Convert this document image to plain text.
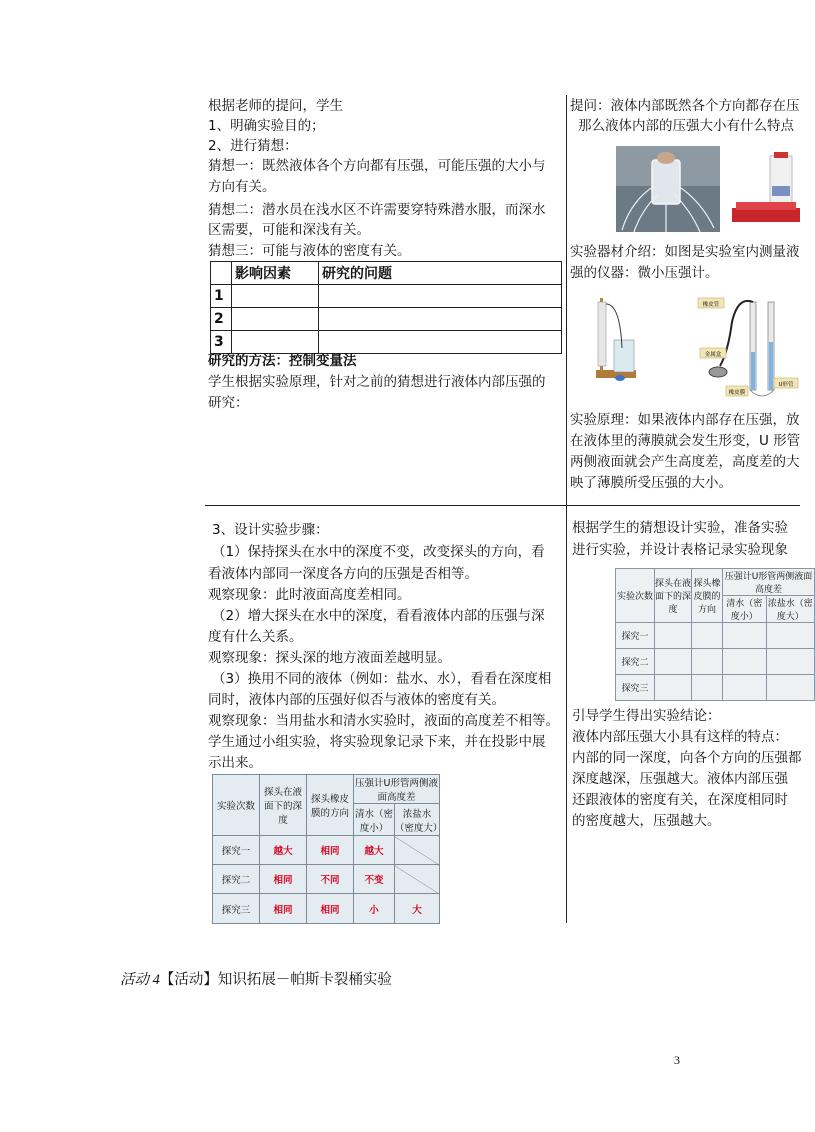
根据老师的提问，学生
1、明确实验目的；
2、进行猜想：
猜想一：既然液体各个方向都有压强，可能压强的大小与
方向有关。
猜想二：潜水员在浅水区不许需要穿特殊潜水服，而深水
区需要，可能和深浅有关。
猜想三：可能与液体的密度有关。
	影响因素	研究的问题
1		
2		
3		
研究的方法：控制变量法
学生根据实验原理，针对之前的猜想进行液体内部压强的
研究：
提问：液体内部既然各个方向都存在压
那么液体内部的压强大小有什么特点
实验器材介绍：如图是实验室内测量液
强的仪器：微小压强计。
橡皮管
金属盒
橡皮膜
U形管
实验原理：如果液体内部存在压强，放
在液体里的薄膜就会发生形变，U 形管
两侧液面就会产生高度差，高度差的大
映了薄膜所受压强的大小。
3、设计实验步骤：
（1）保持探头在水中的深度不变，改变探头的方向，看
看液体内部同一深度各方向的压强是否相等。
观察现象：此时液面高度差相同。
（2）增大探头在水中的深度，看看液体内部的压强与深
度有什么关系。
观察现象：探头深的地方液面差越明显。
（3）换用不同的液体（例如：盐水、水），看看在深度相
同时，液体内部的压强好似否与液体的密度有关。
观察现象：当用盐水和清水实验时，液面的高度差不相等。
学生通过小组实验，将实验现象记录下来，并在投影中展
示出来。
实验次数	探头在液面下的深度	探头橡皮膜的方向	压强计U形管两侧液面高度差	
			清水（密度小）	浓盐水（密度大）
探究一	越大	相同	越大	
探究二	相同	不同	不变	
探究三	相同	相同	小	大
根据学生的猜想设计实验，准备实验
进行实验，并设计表格记录实验现象
实验次数	探头在液面下的深度	探头橡皮膜的方向	压强计U形管两侧液面高度差	
			清水（密度小）	浓盐水（密度大）
探究一				
探究二				
探究三				
引导学生得出实验结论：
液体内部压强大小具有这样的特点：
内部的同一深度，向各个方向的压强都
深度越深，压强越大。液体内部压强
还跟液体的密度有关，在深度相同时
的密度越大，压强越大。
活动 4【活动】知识拓展－帕斯卡裂桶实验
3
